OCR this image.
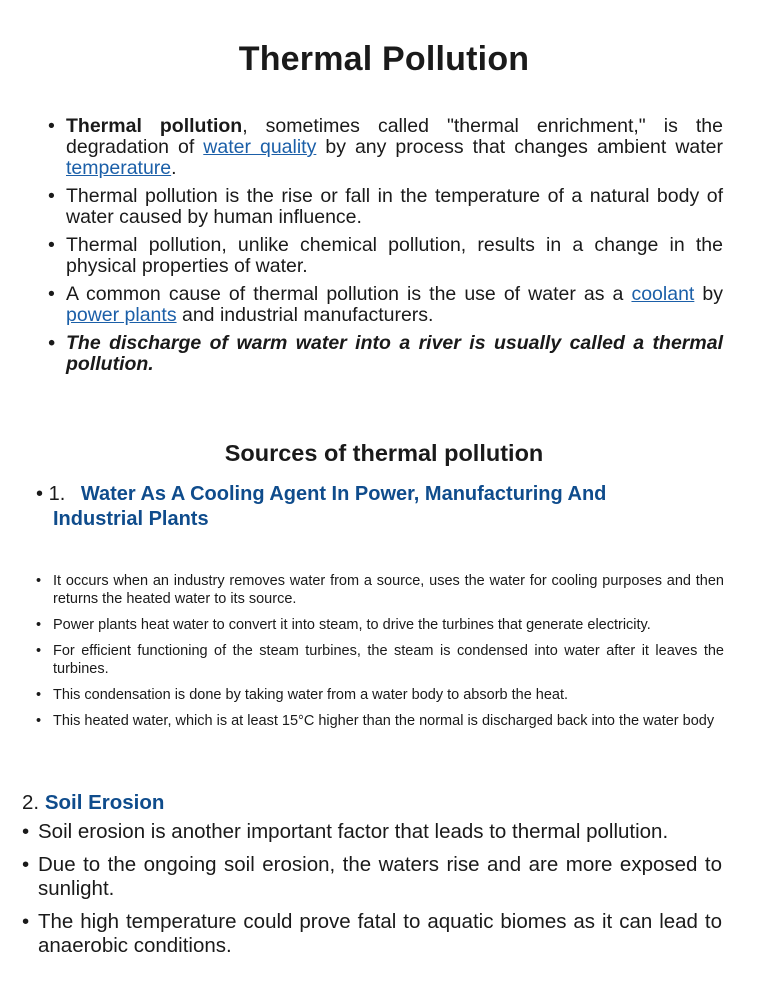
Thermal Pollution
• Thermal pollution, sometimes called "thermal enrichment," is the degradation of water quality by any process that changes ambient water temperature.
• Thermal pollution is the rise or fall in the temperature of a natural body of water caused by human influence.
• Thermal pollution, unlike chemical pollution, results in a change in the physical properties of water.
• A common cause of thermal pollution is the use of water as a coolant by power plants and industrial manufacturers.
• The discharge of warm water into a river is usually called a thermal pollution.
Sources of thermal pollution
• 1. Water As A Cooling Agent In Power, Manufacturing And
Industrial Plants
• It occurs when an industry removes water from a source, uses the water for cooling purposes and then returns the heated water to its source.
• Power plants heat water to convert it into steam, to drive the turbines that generate electricity.
• For efficient functioning of the steam turbines, the steam is condensed into water after it leaves the turbines.
• This condensation is done by taking water from a water body to absorb the heat.
• This heated water, which is at least 15°C higher than the normal is discharged back into the water body
2. Soil Erosion
• Soil erosion is another important factor that leads to thermal pollution.
• Due to the ongoing soil erosion, the waters rise and are more exposed to sunlight.
• The high temperature could prove fatal to aquatic biomes as it can lead to anaerobic conditions.
